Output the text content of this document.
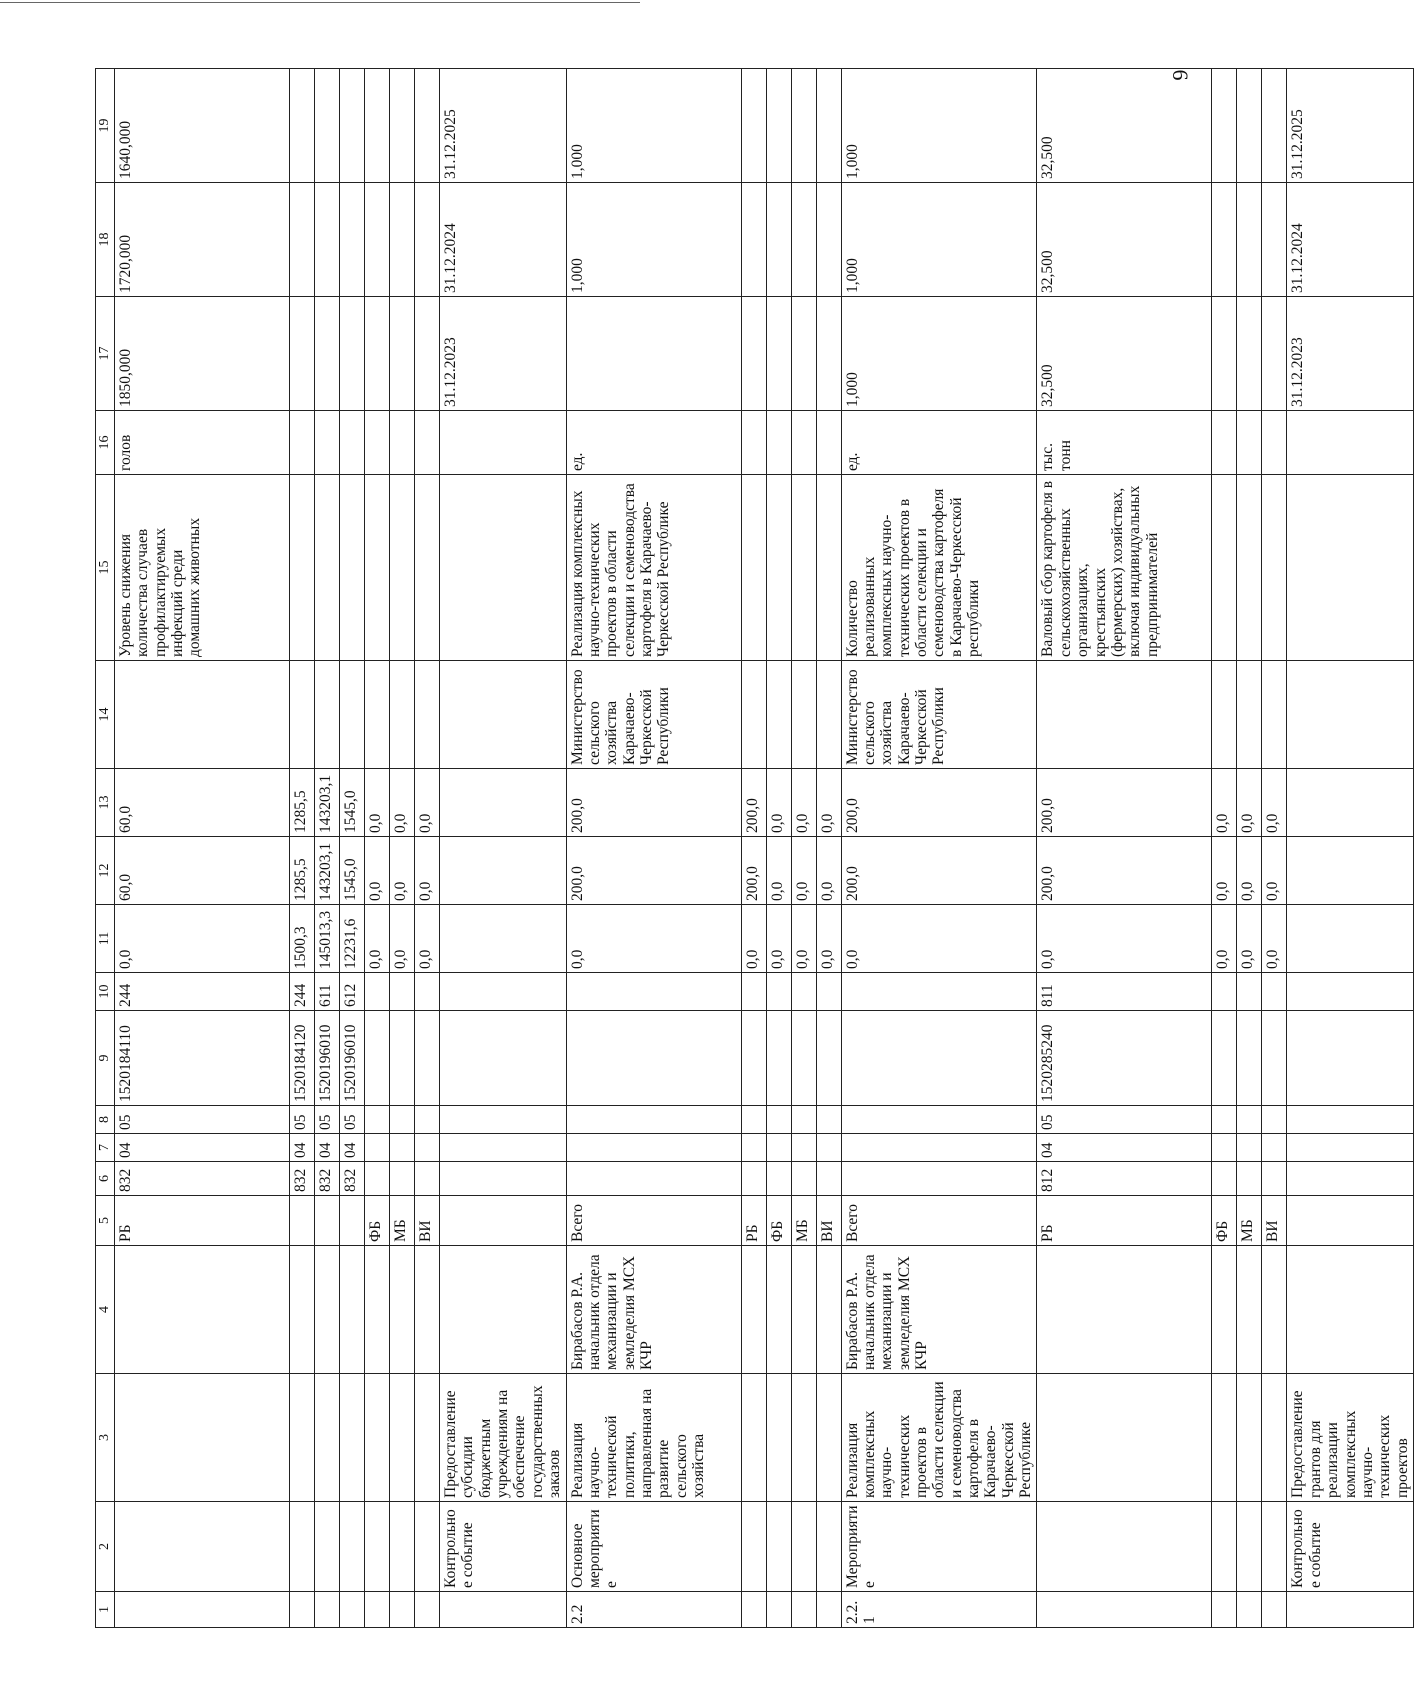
6
1	2	3	4	5	6	7	8	9	10	11	12	13	14	15	16	17	18	19
				РБ	832	04	05	1520184110	244	0,0	60,0	60,0		Уровень снижения количества случаев профилактируемых инфекций среди домашних животных	голов	1850,000	1720,000	1640,000
					832	04	05	1520184120	244	1500,3	1285,5	1285,5						
					832	04	05	1520196010	611	145013,3	143203,1	143203,1						
					832	04	05	1520196010	612	12231,6	1545,0	1545,0						
				ФБ						0,0	0,0	0,0						
				МБ						0,0	0,0	0,0						
				ВИ						0,0	0,0	0,0						
	Контрольное событие	Предоставление субсидии бюджетным учреждениям на обеспечение государственных заказов														31.12.2023	31.12.2024	31.12.2025
2.2	Основное мероприятие	Реализация научно-технической политики, направленная на развитие сельского хозяйства	Бирабасов Р.А. начальник отдела механизации и земледелия МСХ КЧР	Всего						0,0	200,0	200,0	Министерство сельского хозяйства Карачаево-Черкесской Республики	Реализация комплексных научно-технических проектов в области селекции и семеноводства картофеля в Карачаево-Черкесской Республике	ед.		1,000	1,000
				РБ						0,0	200,0	200,0						
				ФБ						0,0	0,0	0,0						
				МБ						0,0	0,0	0,0						
				ВИ						0,0	0,0	0,0						
2.2.1	Мероприятие	Реализация комплексных научно-технических проектов в области селекции и семеноводства картофеля в Карачаево-Черкесской Республике	Бирабасов Р.А. начальник отдела механизации и земледелия МСХ КЧР	Всего						0,0	200,0	200,0	Министерство сельского хозяйства Карачаево-Черкесской Республики	Количество реализованных комплексных научно-технических проектов в области селекции и семеноводства картофеля в Карачаево-Черкесской республики	ед.	1,000	1,000	1,000
				РБ	812	04	05	1520285240	811	0,0	200,0	200,0		Валовый сбор картофеля в сельскохозяйственных организациях, крестьянских (фермерских) хозяйствах, включая индивидуальных предпринимателей	тыс. тонн	32,500	32,500	32,500
				ФБ						0,0	0,0	0,0						
				МБ						0,0	0,0	0,0						
				ВИ						0,0	0,0	0,0						
	Контрольное событие	Предоставление грантов для реализации комплексных научно-технических проектов														31.12.2023	31.12.2024	31.12.2025
